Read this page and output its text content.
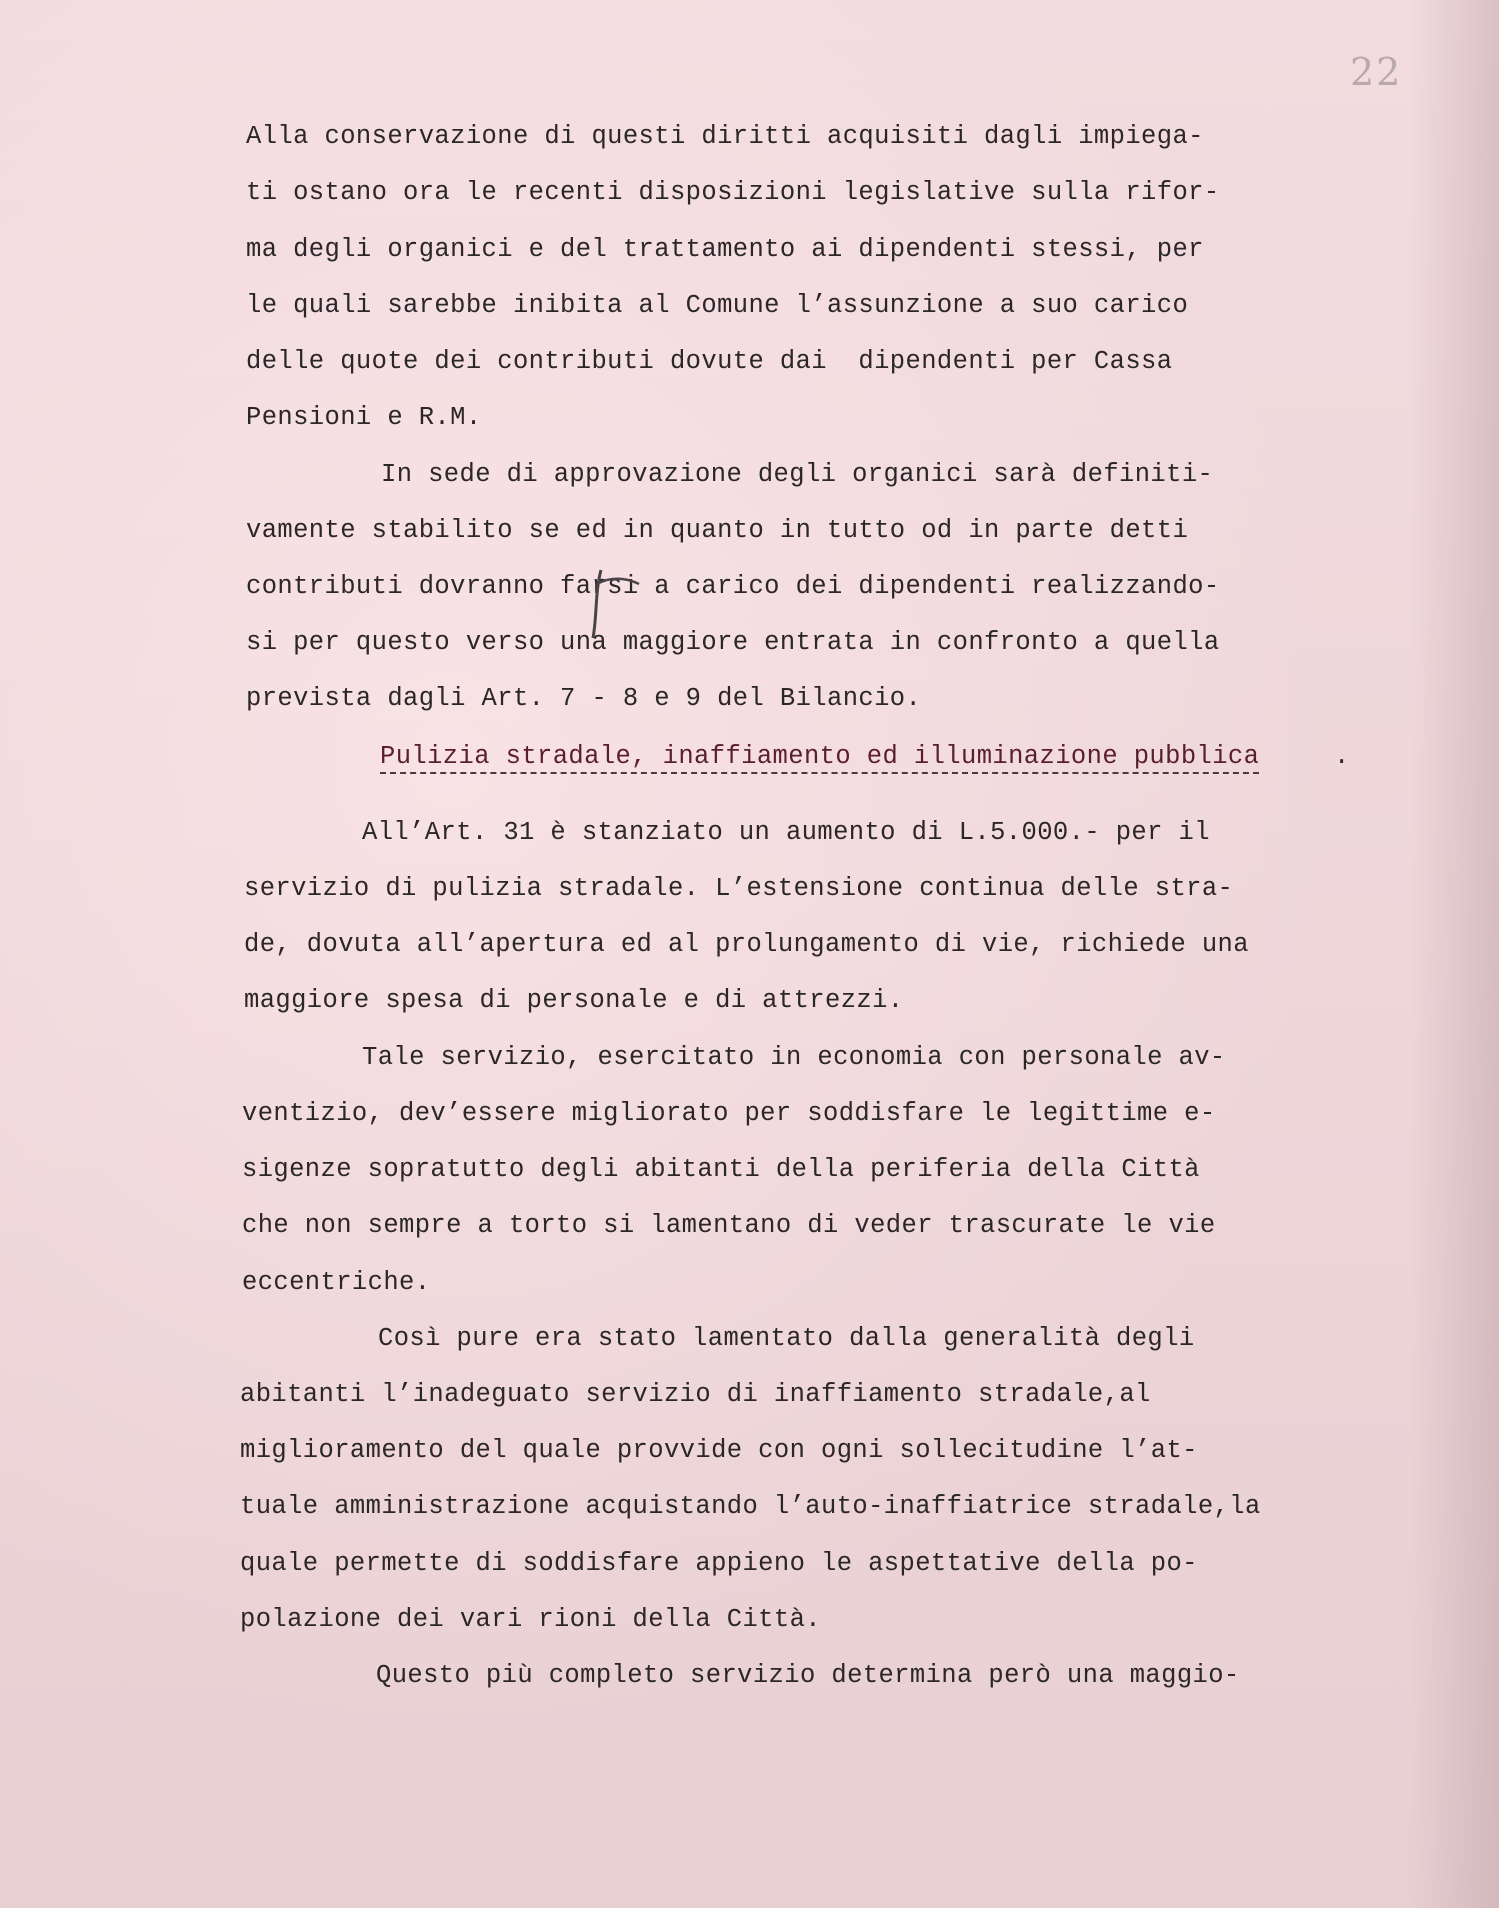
22
Alla conservazione di questi diritti acquisiti dagli impiega-
ti ostano ora le recenti disposizioni legislative sulla rifor-
ma degli organici e del trattamento ai dipendenti stessi, per
le quali sarebbe inibita al Comune l’assunzione a suo carico
delle quote dei contributi dovute dai  dipendenti per Cassa
Pensioni e R.M.
In sede di approvazione degli organici sarà definiti-
vamente stabilito se ed in quanto in tutto od in parte detti
contributi dovranno farsi a carico dei dipendenti realizzando-
si per questo verso una maggiore entrata in confronto a quella
prevista dagli Art. 7 - 8 e 9 del Bilancio.
Pulizia stradale, inaffiamento ed illuminazione pubblica	.
All’Art. 31 è stanziato un aumento di L.5.000.- per il
servizio di pulizia stradale. L’estensione continua delle stra-
de, dovuta all’apertura ed al prolungamento di vie, richiede una
maggiore spesa di personale e di attrezzi.
Tale servizio, esercitato in economia con personale av-
ventizio, dev’essere migliorato per soddisfare le legittime e-
sigenze sopratutto degli abitanti della periferia della Città
che non sempre a torto si lamentano di veder trascurate le vie
eccentriche.
Così pure era stato lamentato dalla generalità degli
abitanti l’inadeguato servizio di inaffiamento stradale,al
miglioramento del quale provvide con ogni sollecitudine l’at-
tuale amministrazione acquistando l’auto-inaffiatrice stradale,la
quale permette di soddisfare appieno le aspettative della po-
polazione dei vari rioni della Città.
Questo più completo servizio determina però una maggio-
